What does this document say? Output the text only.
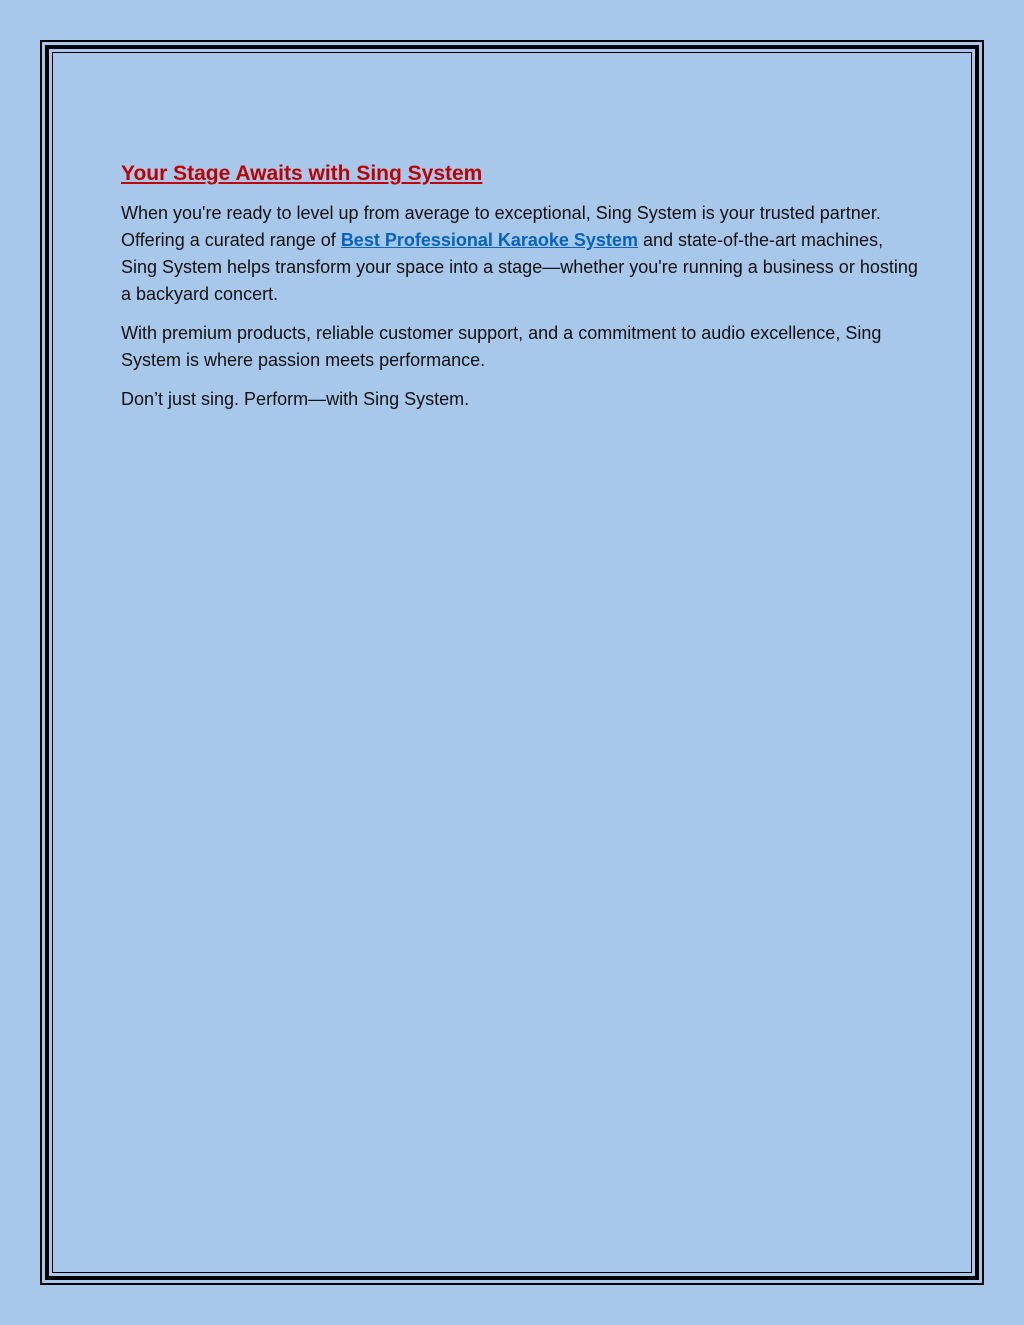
Your Stage Awaits with Sing System

When you're ready to level up from average to exceptional, Sing System is your trusted partner. Offering a curated range of Best Professional Karaoke System and state-of-the-art machines, Sing System helps transform your space into a stage—whether you're running a business or hosting a backyard concert.

With premium products, reliable customer support, and a commitment to audio excellence, Sing System is where passion meets performance.

Don’t just sing. Perform—with Sing System.
